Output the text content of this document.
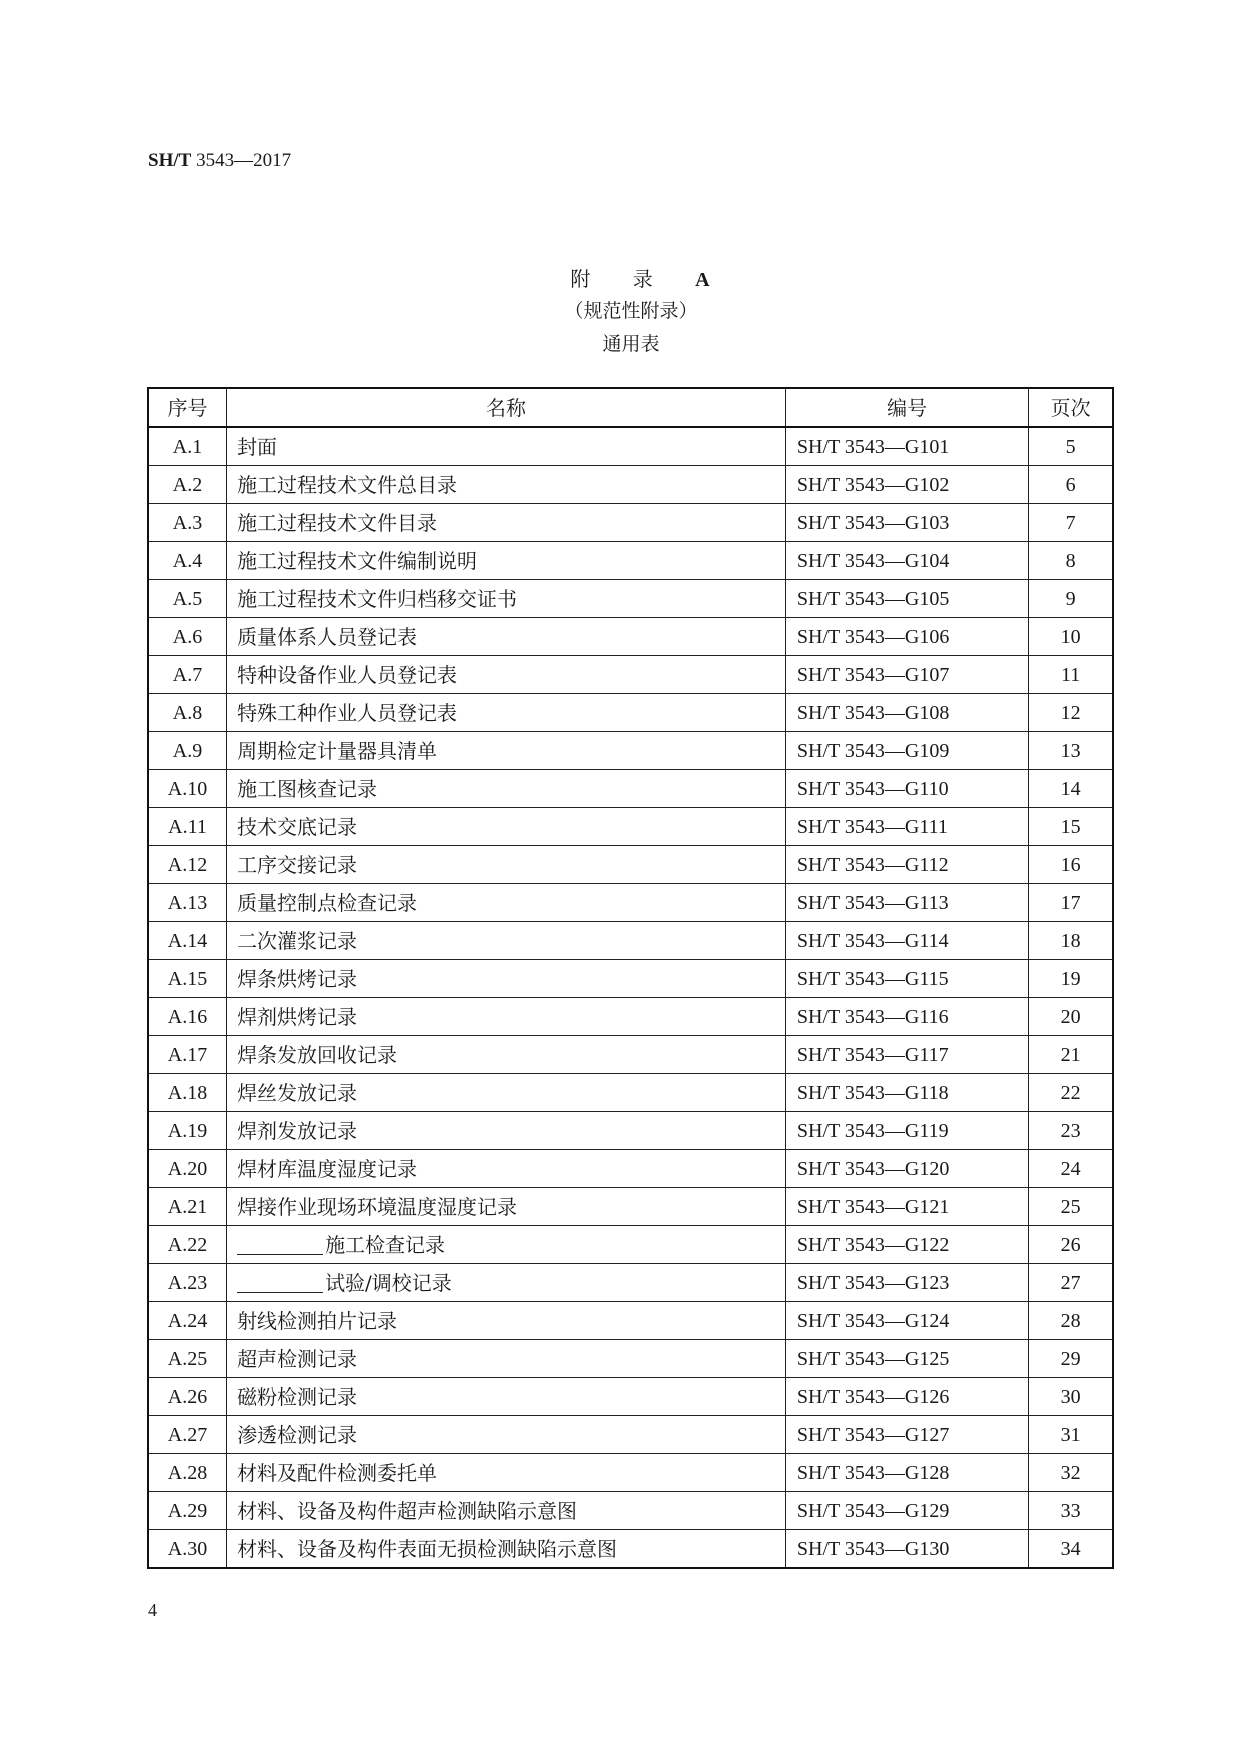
SH/T 3543—2017
附 录 A
（规范性附录）
通用表
序号	名称	编号	页次
A.1	封面	SH/T 3543—G101	5
A.2	施工过程技术文件总目录	SH/T 3543—G102	6
A.3	施工过程技术文件目录	SH/T 3543—G103	7
A.4	施工过程技术文件编制说明	SH/T 3543—G104	8
A.5	施工过程技术文件归档移交证书	SH/T 3543—G105	9
A.6	质量体系人员登记表	SH/T 3543—G106	10
A.7	特种设备作业人员登记表	SH/T 3543—G107	11
A.8	特殊工种作业人员登记表	SH/T 3543—G108	12
A.9	周期检定计量器具清单	SH/T 3543—G109	13
A.10	施工图核查记录	SH/T 3543—G110	14
A.11	技术交底记录	SH/T 3543—G111	15
A.12	工序交接记录	SH/T 3543—G112	16
A.13	质量控制点检查记录	SH/T 3543—G113	17
A.14	二次灌浆记录	SH/T 3543—G114	18
A.15	焊条烘烤记录	SH/T 3543—G115	19
A.16	焊剂烘烤记录	SH/T 3543—G116	20
A.17	焊条发放回收记录	SH/T 3543—G117	21
A.18	焊丝发放记录	SH/T 3543—G118	22
A.19	焊剂发放记录	SH/T 3543—G119	23
A.20	焊材库温度湿度记录	SH/T 3543—G120	24
A.21	焊接作业现场环境温度湿度记录	SH/T 3543—G121	25
A.22	施工检查记录	SH/T 3543—G122	26
A.23	试验/调校记录	SH/T 3543—G123	27
A.24	射线检测拍片记录	SH/T 3543—G124	28
A.25	超声检测记录	SH/T 3543—G125	29
A.26	磁粉检测记录	SH/T 3543—G126	30
A.27	渗透检测记录	SH/T 3543—G127	31
A.28	材料及配件检测委托单	SH/T 3543—G128	32
A.29	材料、设备及构件超声检测缺陷示意图	SH/T 3543—G129	33
A.30	材料、设备及构件表面无损检测缺陷示意图	SH/T 3543—G130	34
4
